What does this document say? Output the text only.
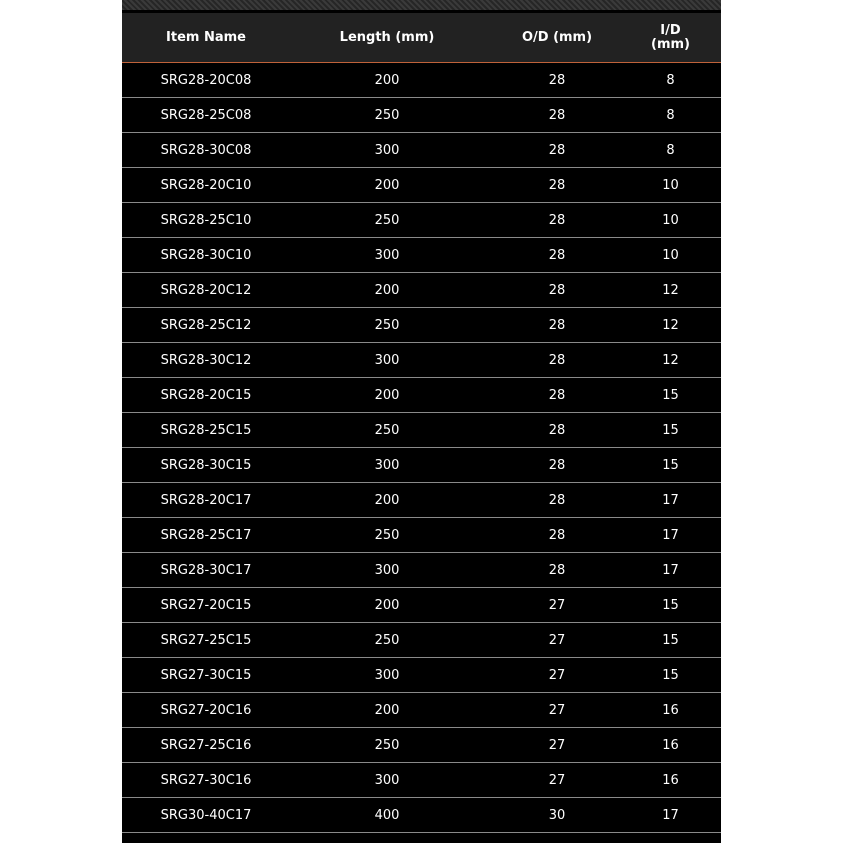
Item Name	Length (mm)	O/D (mm)	I/D
(mm)
SRG28-20C08	200	28	8
SRG28-25C08	250	28	8
SRG28-30C08	300	28	8
SRG28-20C10	200	28	10
SRG28-25C10	250	28	10
SRG28-30C10	300	28	10
SRG28-20C12	200	28	12
SRG28-25C12	250	28	12
SRG28-30C12	300	28	12
SRG28-20C15	200	28	15
SRG28-25C15	250	28	15
SRG28-30C15	300	28	15
SRG28-20C17	200	28	17
SRG28-25C17	250	28	17
SRG28-30C17	300	28	17
SRG27-20C15	200	27	15
SRG27-25C15	250	27	15
SRG27-30C15	300	27	15
SRG27-20C16	200	27	16
SRG27-25C16	250	27	16
SRG27-30C16	300	27	16
SRG30-40C17	400	30	17
